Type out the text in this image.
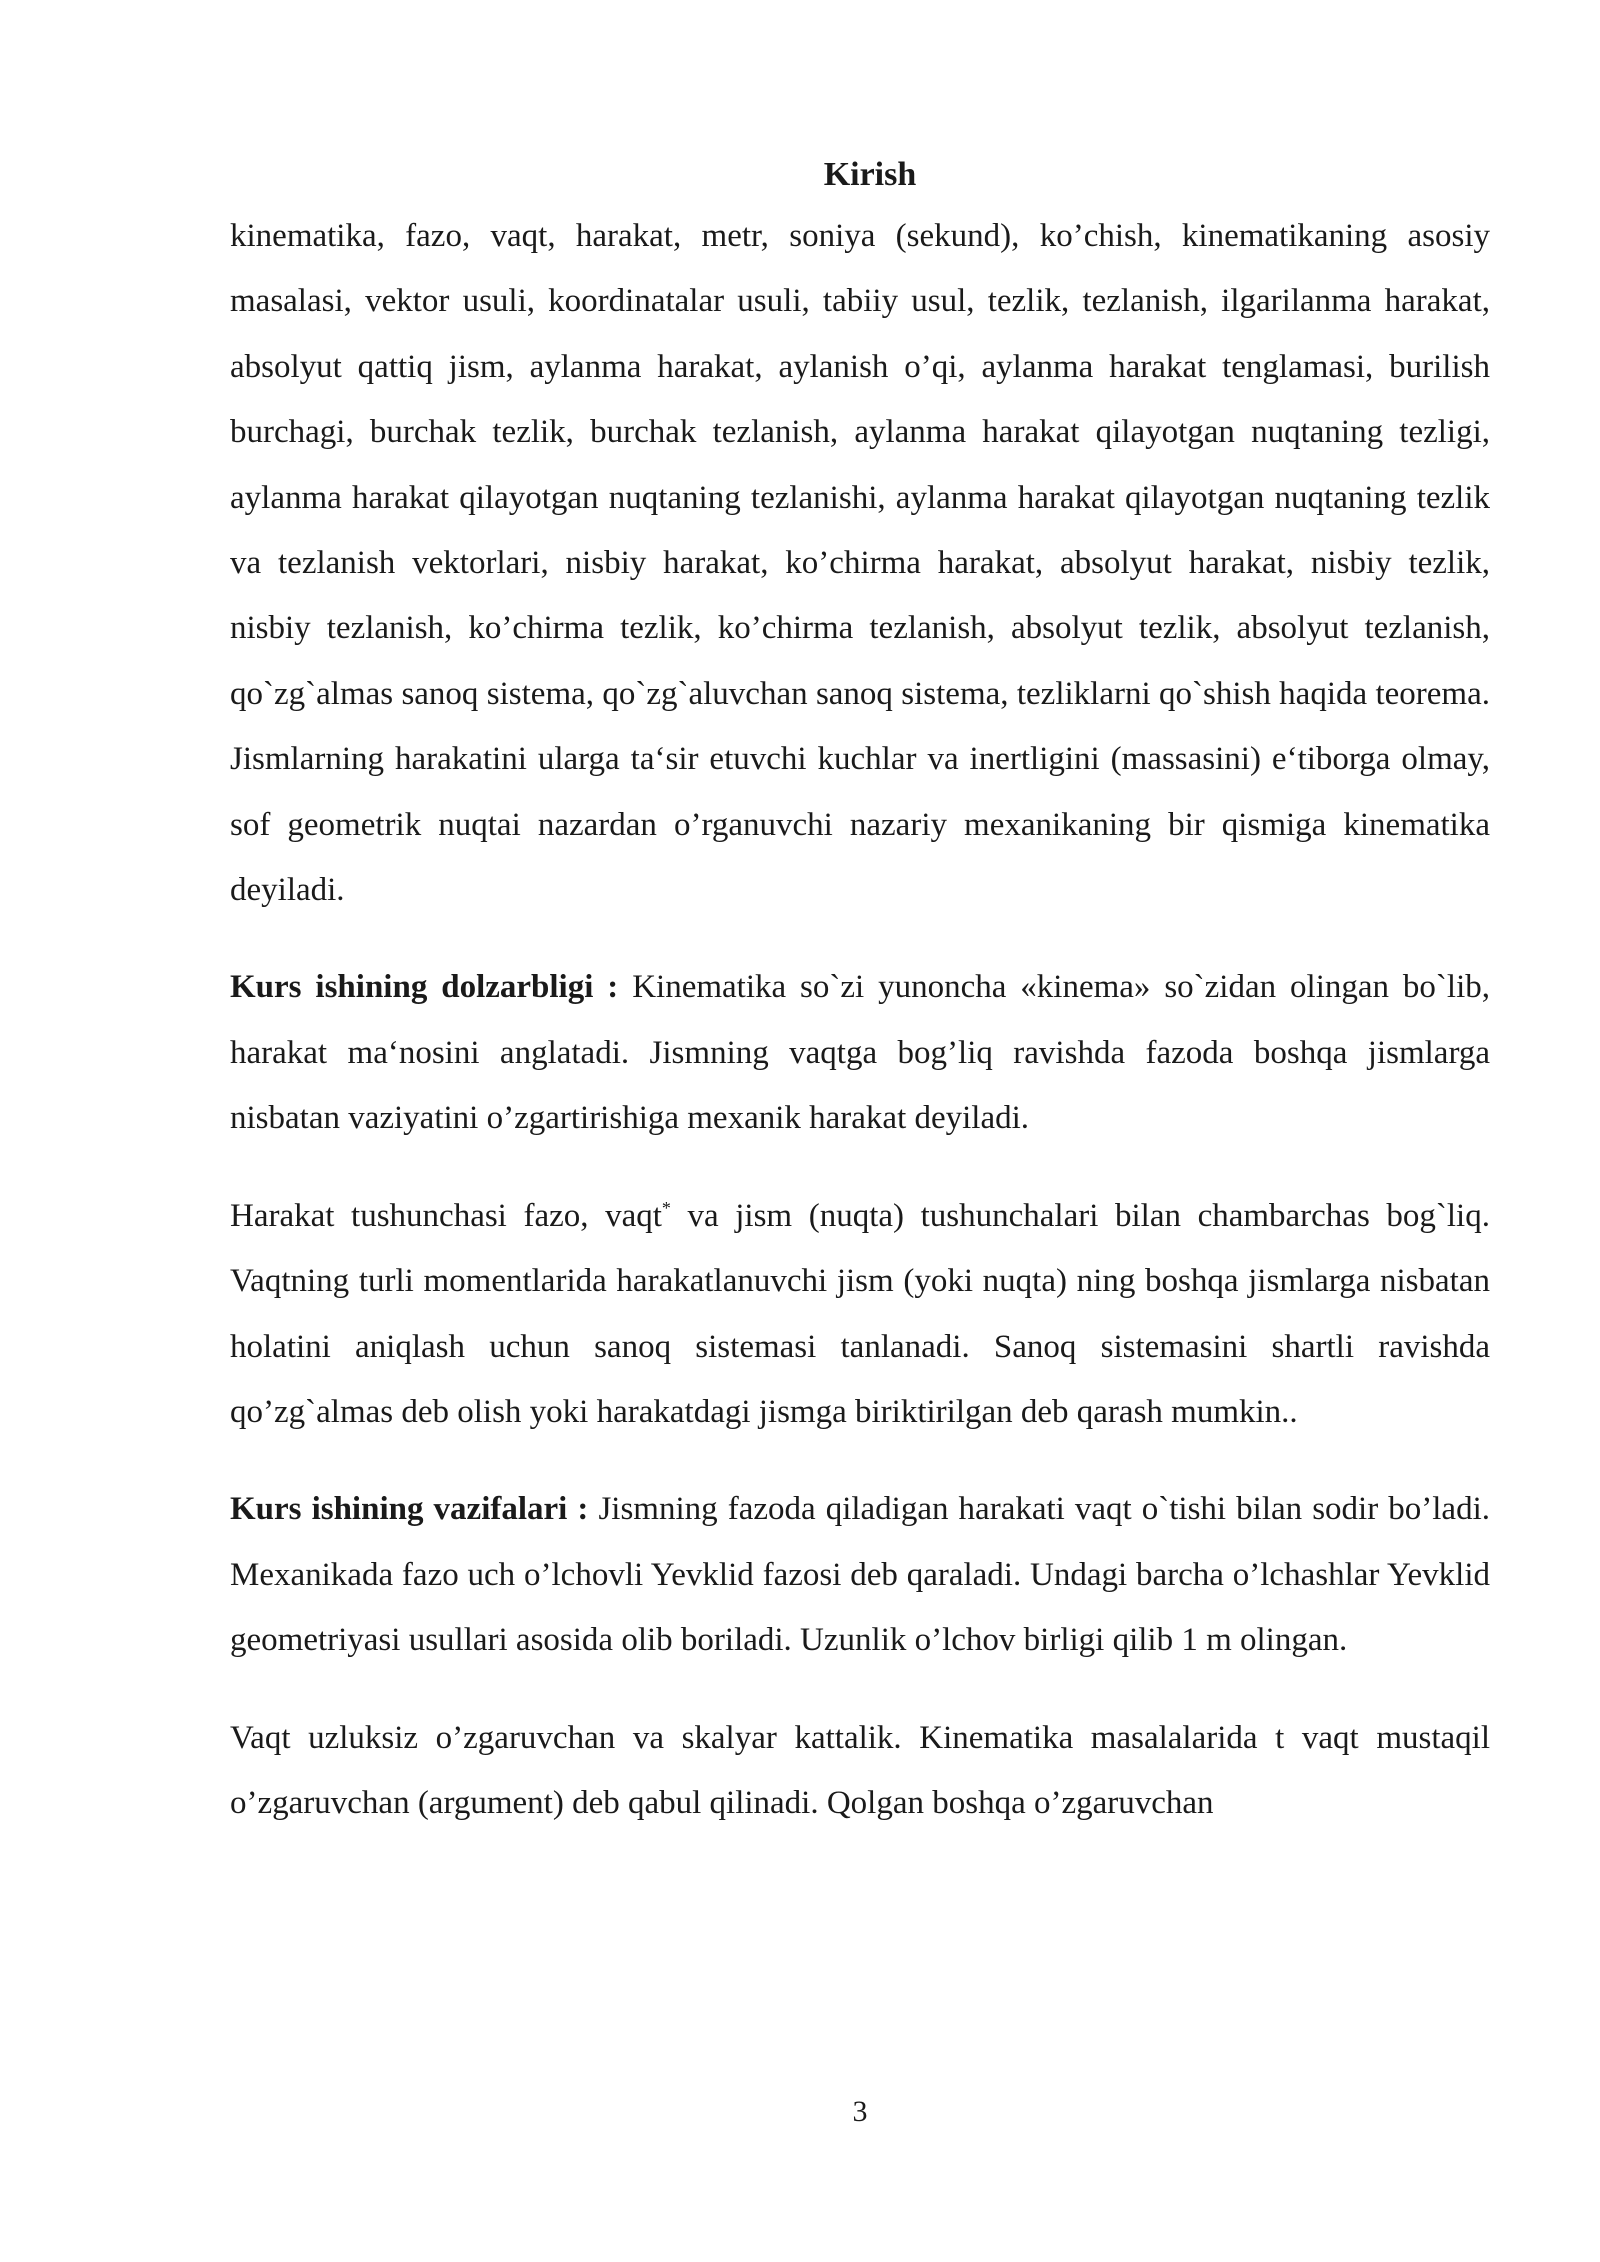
Kirish

kinematika, fazo, vaqt, harakat, metr, soniya (sekund), ko’chish, kinematikaning asosiy masalasi, vektor usuli, koordinatalar usuli, tabiiy usul, tezlik, tezlanish, ilgarilanma harakat, absolyut qattiq jism, aylanma harakat, aylanish o’qi, aylanma harakat tenglamasi, burilish burchagi, burchak tezlik, burchak tezlanish, aylanma harakat qilayotgan nuqtaning tezligi, aylanma harakat qilayotgan nuqtaning tezlanishi, aylanma harakat qilayotgan nuqtaning tezlik va tezlanish vektorlari, nisbiy harakat, ko’chirma harakat, absolyut harakat, nisbiy tezlik, nisbiy tezlanish, ko’chirma tezlik, ko’chirma tezlanish, absolyut tezlik, absolyut tezlanish, qo`zg`almas sanoq sistema, qo`zg`aluvchan sanoq sistema, tezliklarni qo`shish haqida teorema. Jismlarning harakatini ularga ta‘sir etuvchi kuchlar va inertligini (massasini) e‘tiborga olmay, sof geometrik nuqtai nazardan o’rganuvchi nazariy mexanikaning bir qismiga kinematika deyiladi.

Kurs ishining dolzarbligi : Kinematika so`zi yunoncha «kinema» so`zidan olingan bo`lib, harakat ma‘nosini anglatadi. Jismning vaqtga bog’liq ravishda fazoda boshqa jismlarga nisbatan vaziyatini o’zgartirishiga mexanik harakat deyiladi.

Harakat tushunchasi fazo, vaqt* va jism (nuqta) tushunchalari bilan chambarchas bog`liq. Vaqtning turli momentlarida harakatlanuvchi jism (yoki nuqta) ning boshqa jismlarga nisbatan holatini aniqlash uchun sanoq sistemasi tanlanadi. Sanoq sistemasini shartli ravishda qo’zg`almas deb olish yoki harakatdagi jismga biriktirilgan deb qarash mumkin..

Kurs ishining vazifalari : Jismning fazoda qiladigan harakati vaqt o`tishi bilan sodir bo’ladi. Mexanikada fazo uch o’lchovli Yevklid fazosi deb qaraladi. Undagi barcha o’lchashlar Yevklid geometriyasi usullari asosida olib boriladi. Uzunlik o’lchov birligi qilib 1 m olingan.

Vaqt uzluksiz o’zgaruvchan va skalyar kattalik. Kinematika masalalarida t vaqt mustaqil o’zgaruvchan (argument) deb qabul qilinadi. Qolgan boshqa o’zgaruvchan

3
